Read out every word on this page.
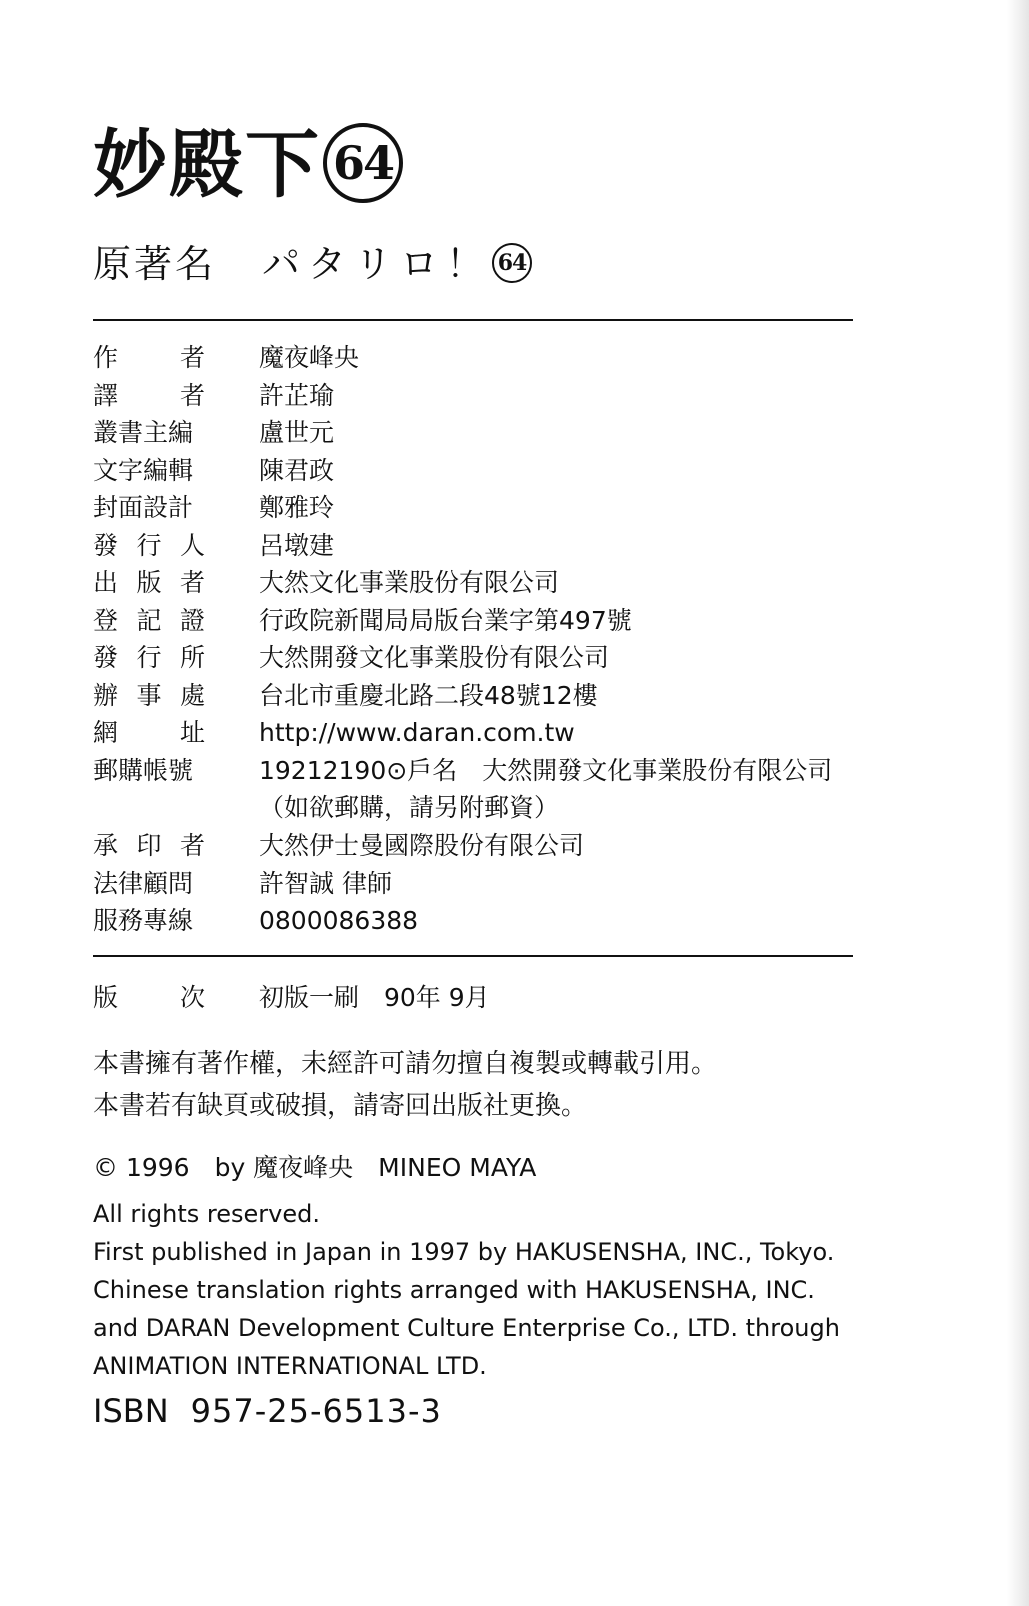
妙殿下 64
原著名 パタリロ！ 64
作 者 魔夜峰央
譯 者 許芷瑜
叢書主編	盧世元
文字編輯	陳君政
封面設計	鄭雅玲
發 行 人 呂墩建
出 版 者 大然文化事業股份有限公司
登 記 證 行政院新聞局局版台業字第497號
發 行 所 大然開發文化事業股份有限公司
辦 事 處 台北市重慶北路二段48號12樓
網 址 http://www.daran.com.tw
郵購帳號	19212190⊙戶名　大然開發文化事業股份有限公司
（如欲郵購，請另附郵資）
承 印 者 大然伊士曼國際股份有限公司
法律顧問	許智誠 律師
服務專線	0800086388
版 次 初版一刷　90年 9月
本書擁有著作權，未經許可請勿擅自複製或轉載引用。
本書若有缺頁或破損，請寄回出版社更換。
© 1996　by 魔夜峰央　MINEO MAYA
All rights reserved.
First published in Japan in 1997 by HAKUSENSHA, INC., Tokyo.
Chinese translation rights arranged with HAKUSENSHA, INC.
and DARAN Development Culture Enterprise Co., LTD. through
ANIMATION INTERNATIONAL LTD.
ISBN 957-25-6513-3
